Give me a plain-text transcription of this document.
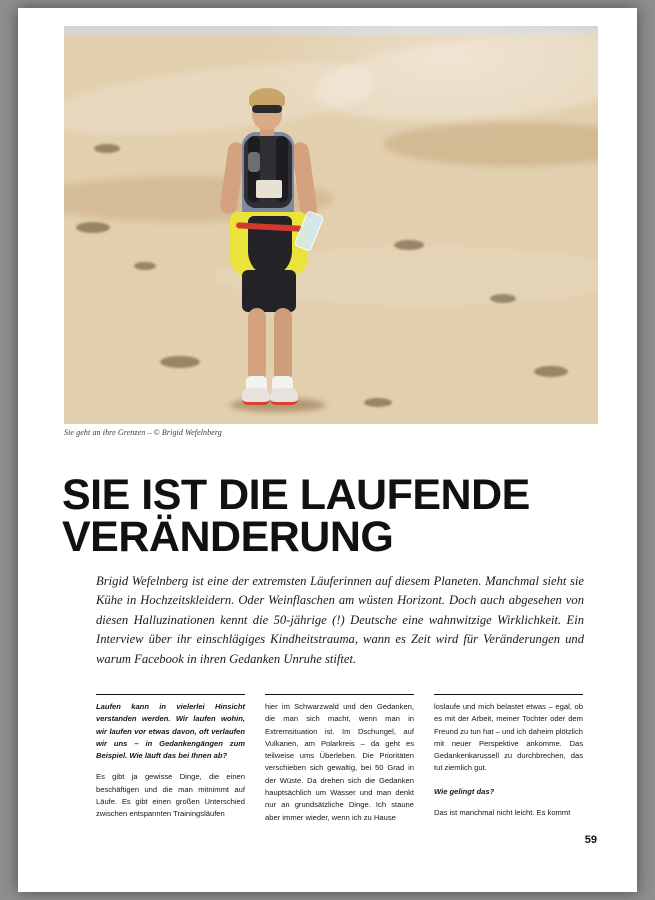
Sie geht an ihre Grenzen – © Brigid Wefelnberg
SIE IST DIE LAUFENDE
VERÄNDERUNG

Brigid Wefelnberg ist eine der extremsten Läuferinnen auf diesem Planeten. Manchmal sieht sie Kühe in Hochzeitskleidern. Oder Weinflaschen am wüsten Horizont. Doch auch abgesehen von diesen Halluzinationen kennt die 50-jährige (!) Deutsche eine wahnwitzige Wirklichkeit. Ein Interview über ihr einschlägiges Kindheitstrauma, wann es Zeit wird für Veränderungen und warum Facebook in ihren Gedanken Unruhe stiftet.

Laufen kann in vielerlei Hinsicht verstanden werden. Wir laufen wohin, wir laufen vor etwas davon, oft verlaufen wir uns – in Gedankengängen zum Beispiel. Wie läuft das bei Ihnen ab?

Es gibt ja gewisse Dinge, die einen beschäftigen und die man mitnimmt auf Läufe. Es gibt einen großen Unterschied zwischen entspannten Trainingsläufen

hier im Schwarzwald und den Gedanken, die man sich macht, wenn man in Extremsituation ist. Im Dschungel, auf Vulkanen, am Polarkreis – da geht es teilweise ums Überleben. Die Prioritäten verschieben sich gewaltig, bei 50 Grad in der Wüste. Da drehen sich die Gedanken hauptsächlich um Wasser und man denkt nur an grundsätzliche Dinge. Ich staune aber immer wieder, wenn ich zu Hause

loslaufe und mich belastet etwas – egal, ob es mit der Arbeit, meiner Tochter oder dem Freund zu tun hat – und ich daheim plötzlich mit neuer Perspektive ankomme. Das Gedankenkarussell zu durchbrechen, das tut ziemlich gut.

Wie gelingt das?

Das ist manchmal nicht leicht. Es kommt

59
